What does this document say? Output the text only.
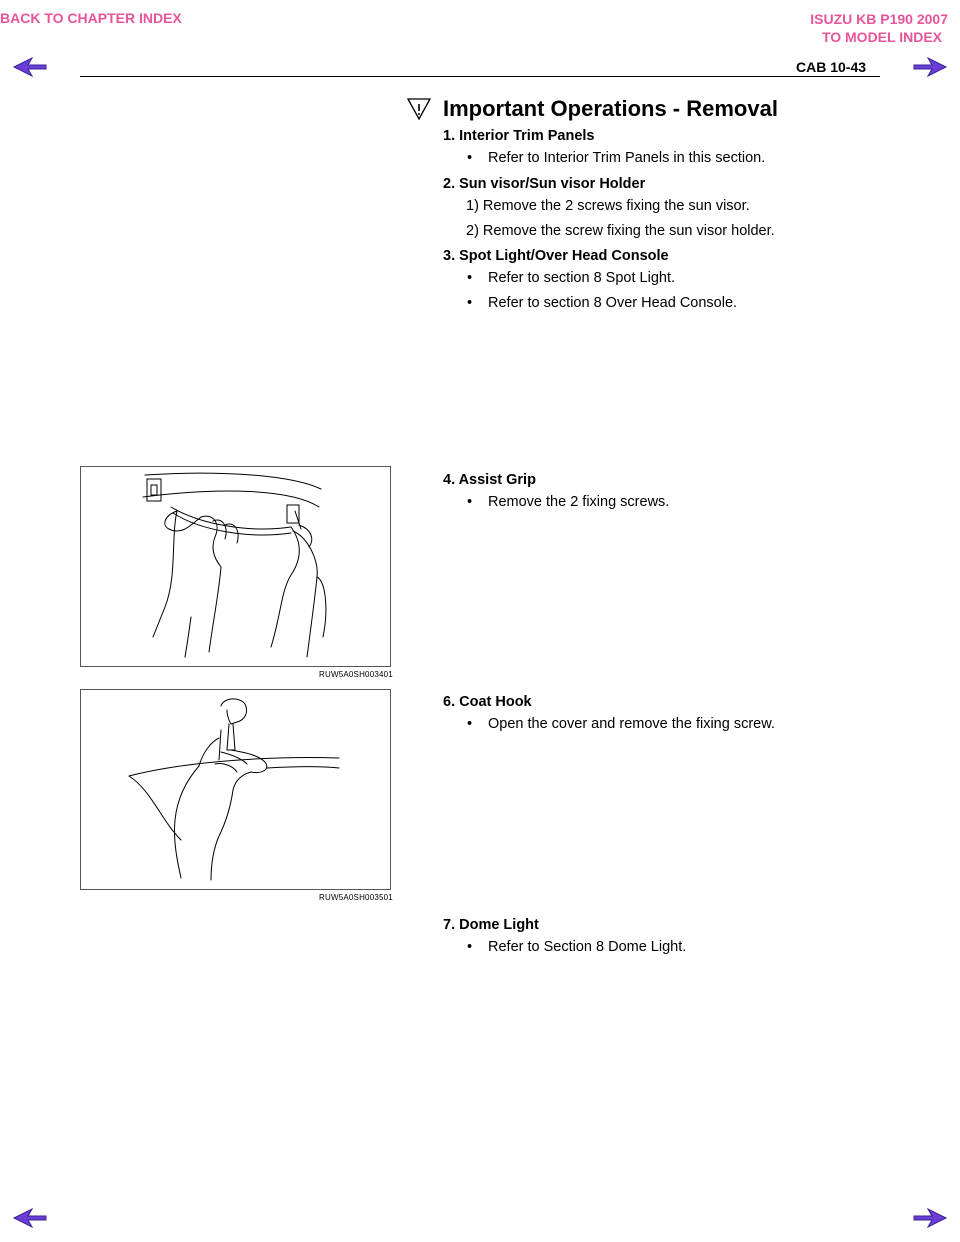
BACK TO CHAPTER INDEX	ISUZU KB P190 2007
TO MODEL INDEX
CAB 10-43
Important Operations - Removal
1. Interior Trim Panels
• Refer to Interior Trim Panels in this section.
2. Sun visor/Sun visor Holder
1) Remove the 2 screws fixing the sun visor.
2) Remove the screw fixing the sun visor holder.
3. Spot Light/Over Head Console
• Refer to section 8 Spot Light.
• Refer to section 8 Over Head Console.
RUW5A0SH003401
4. Assist Grip
• Remove the 2 fixing screws.
RUW5A0SH003501
6. Coat Hook
• Open the cover and remove the fixing screw.
7. Dome Light
• Refer to Section 8 Dome Light.
